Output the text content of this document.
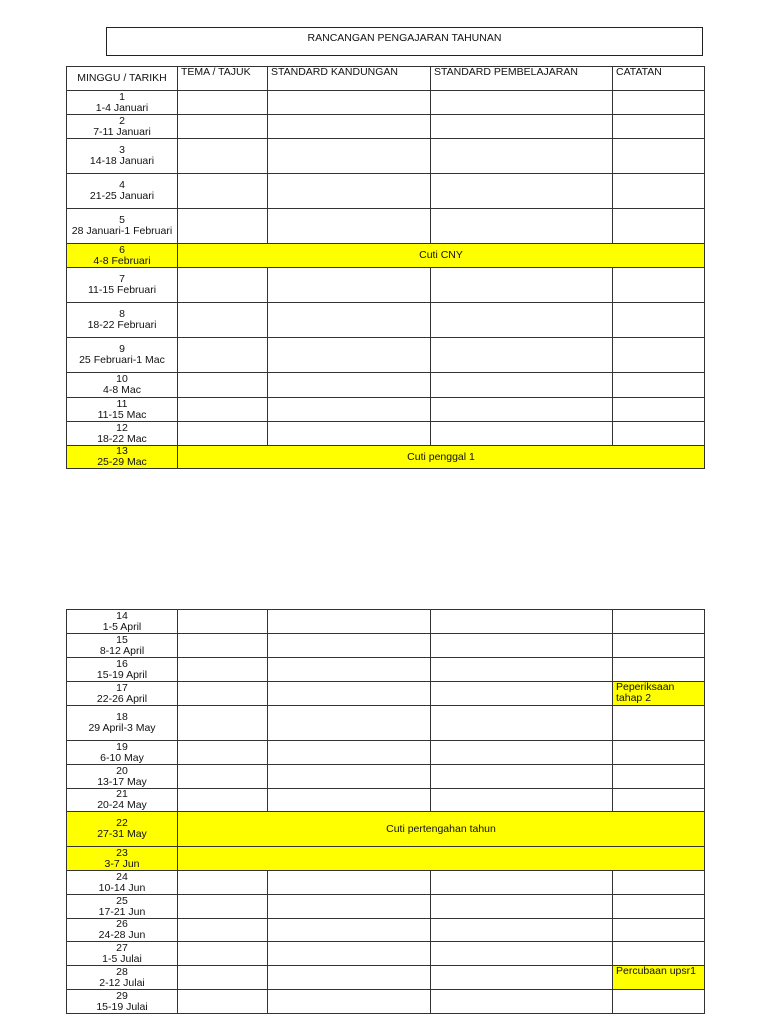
RANCANGAN PENGAJARAN TAHUNAN
MINGGU / TARIKH	TEMA / TAJUK	STANDARD KANDUNGAN	STANDARD PEMBELAJARAN	CATATAN

1
1-4 Januari				

2
7-11 Januari				

3
14-18 Januari				

4
21-25 Januari				

5
28 Januari-1 Februari				

6
4-8 Februari	Cuti CNY			

7
11-15 Februari				

8
18-22 Februari				

9
25 Februari-1 Mac				

10
4-8 Mac				

11
11-15 Mac				

12
18-22 Mac				

13
25-29 Mac	Cuti penggal 1			
14
1-5 April				

15
8-12 April				

16
15-19 April				

17
22-26 April				Peperiksaan tahap 2

18
29 April-3 May				

19
6-10 May				

20
13-17 May				

21
20-24 May				

22
27-31 May	Cuti pertengahan tahun			

23
3-7 Jun				

24
10-14 Jun				

25
17-21 Jun				

26
24-28 Jun				

27
1-5 Julai				

28
2-12 Julai				Percubaan upsr1

29
15-19 Julai				
